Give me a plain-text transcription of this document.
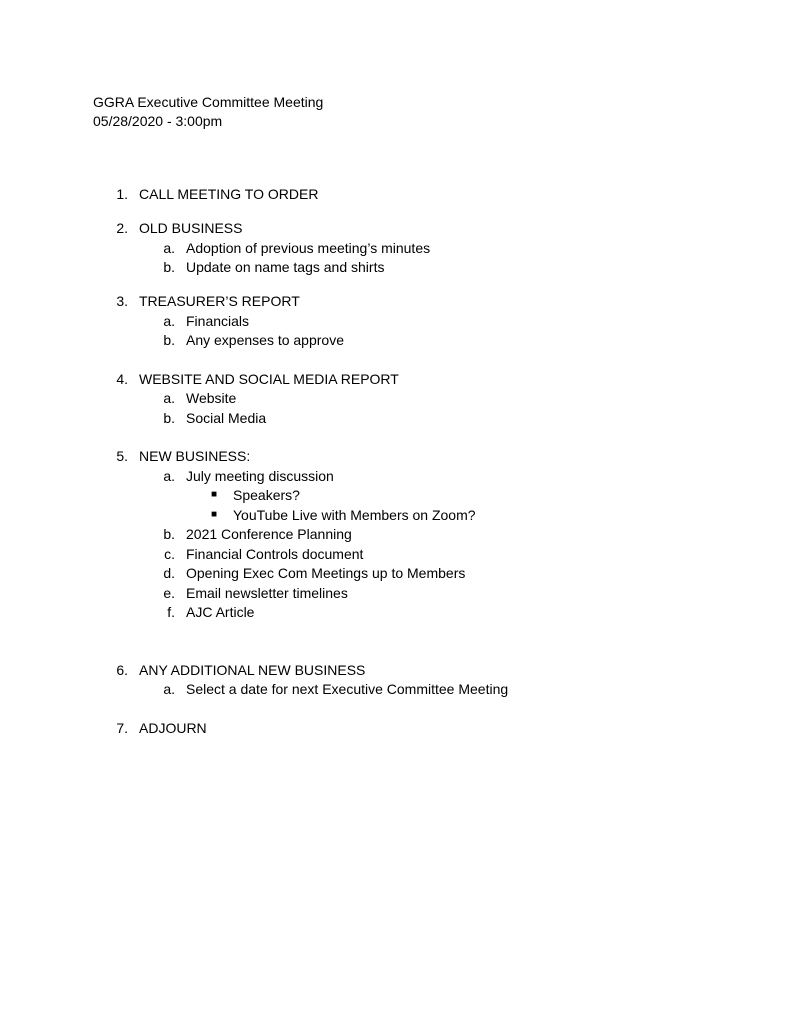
GGRA Executive Committee Meeting
05/28/2020 - 3:00pm
1. CALL MEETING TO ORDER
2. OLD BUSINESS
a. Adoption of previous meeting’s minutes
b. Update on name tags and shirts
3. TREASURER’S REPORT
a. Financials
b. Any expenses to approve
4. WEBSITE AND SOCIAL MEDIA REPORT
a. Website
b. Social Media
5. NEW BUSINESS:
a. July meeting discussion
■ Speakers?
■ YouTube Live with Members on Zoom?
b. 2021 Conference Planning
c. Financial Controls document
d. Opening Exec Com Meetings up to Members
e. Email newsletter timelines
f. AJC Article
6. ANY ADDITIONAL NEW BUSINESS
a. Select a date for next Executive Committee Meeting
7. ADJOURN
